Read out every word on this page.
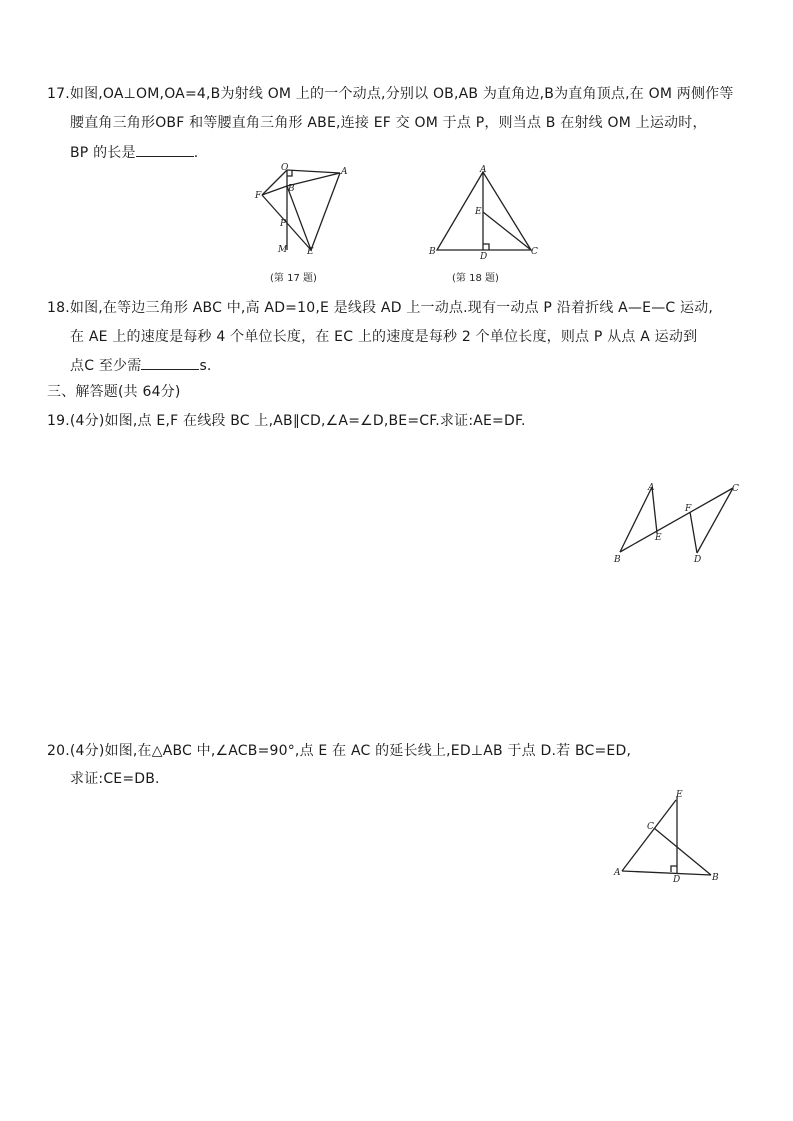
17.如图,OA⊥OM,OA=4,B为射线 OM 上的一个动点,分别以 OB,AB 为直角边,B为直角顶点,在 OM 两侧作等
腰直角三角形OBF 和等腰直角三角形 ABE,连接 EF 交 OM 于点 P，则当点 B 在射线 OM 上运动时，
BP 的长是	.
O	A
F
B
P
M E
(第 17 题)
A
E
B	D	C
(第 18 题)
A	C
F
E
B	D
E
C
A
D	B
18.如图,在等边三角形 ABC 中,高 AD=10,E 是线段 AD 上一动点.现有一动点 P 沿着折线 A—E—C 运动,
在 AE 上的速度是每秒 4 个单位长度，在 EC 上的速度是每秒 2 个单位长度，则点 P 从点 A 运动到
点C 至少需	s.
三、解答题(共 64分)
19.(4分)如图,点 E,F 在线段 BC 上,AB∥CD,∠A=∠D,BE=CF.求证:AE=DF.
20.(4分)如图,在△ABC 中,∠ACB=90°,点 E 在 AC 的延长线上,ED⊥AB 于点 D.若 BC=ED,
求证:CE=DB.
